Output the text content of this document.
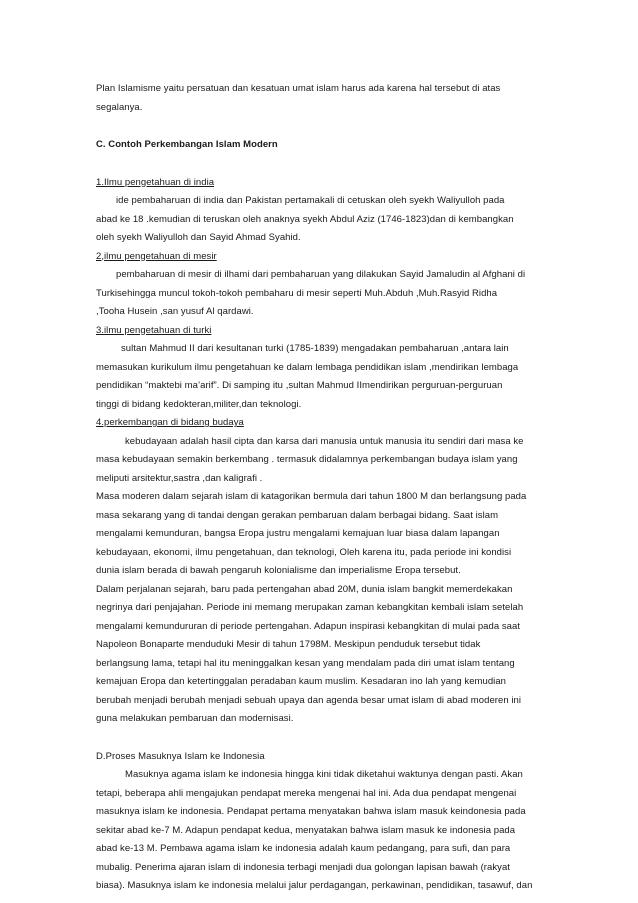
Plan Islamisme yaitu persatuan dan kesatuan umat islam harus ada karena hal tersebut di atas
segalanya.
C. Contoh Perkembangan Islam Modern
1.Ilmu pengetahuan di india
ide pembaharuan di india dan Pakistan pertamakali di cetuskan oleh syekh Waliyulloh pada
abad ke 18 .kemudian di teruskan oleh anaknya syekh Abdul Aziz (1746-1823)dan di kembangkan
oleh syekh Waliyulloh dan Sayid Ahmad Syahid.
2,ilmu pengetahuan di mesir
pembaharuan di mesir di ilhami dari pembaharuan yang dilakukan Sayid Jamaludin al Afghani di
Turkisehingga muncul tokoh-tokoh pembaharu di mesir seperti Muh.Abduh ,Muh.Rasyid Ridha
,Tooha Husein ,san yusuf Al qardawi.
3.ilmu pengetahuan di turki
sultan Mahmud II dari kesultanan turki (1785-1839) mengadakan pembaharuan ,antara lain
memasukan kurikulum ilmu pengetahuan ke dalam lembaga pendidikan islam ,mendirikan lembaga
pendidikan “maktebi ma’arif”. Di samping itu ,sultan Mahmud IImendirikan perguruan-perguruan
tinggi di bidang kedokteran,militer,dan teknologi.
4.perkembangan di bidang budaya
kebudayaan adalah hasil cipta dan karsa dari manusia untuk manusia itu sendiri dari masa ke
masa kebudayaan semakin berkembang . termasuk didalamnya perkembangan budaya islam yang
meliputi arsitektur,sastra ,dan kaligrafi .
Masa moderen dalam sejarah islam di katagorikan bermula dari tahun 1800 M dan berlangsung pada
masa sekarang yang di tandai dengan gerakan pembaruan dalam berbagai bidang. Saat islam
mengalami kemunduran, bangsa Eropa justru mengalami kemajuan luar biasa dalam lapangan
kebudayaan, ekonomi, ilmu pengetahuan, dan teknologi, Oleh karena itu, pada periode ini kondisi
dunia islam berada di bawah pengaruh kolonialisme dan imperialisme Eropa tersebut.
Dalam perjalanan sejarah, baru pada pertengahan abad 20M, dunia islam bangkit memerdekakan
negrinya dari penjajahan. Periode ini memang merupakan zaman kebangkitan kembali islam setelah
mengalami kemundururan di periode pertengahan. Adapun inspirasi kebangkitan di mulai pada saat
Napoleon Bonaparte menduduki Mesir di tahun 1798M. Meskipun penduduk tersebut tidak
berlangsung lama, tetapi hal itu meninggalkan kesan yang mendalam pada diri umat islam tentang
kemajuan Eropa dan ketertinggalan peradaban kaum muslim. Kesadaran ino lah yang kemudian
berubah menjadi berubah menjadi sebuah upaya dan agenda besar umat islam di abad moderen ini
guna melakukan pembaruan dan modernisasi.
D.Proses Masuknya Islam ke Indonesia
Masuknya agama islam ke indonesia hingga kini tidak diketahui waktunya dengan pasti. Akan
tetapi, beberapa ahli mengajukan pendapat mereka mengenai hal ini. Ada dua pendapat mengenai
masuknya islam ke indonesia. Pendapat pertama menyatakan bahwa islam masuk keindonesia pada
sekitar abad ke-7 M. Adapun pendapat kedua, menyatakan bahwa islam masuk ke indonesia pada
abad ke-13 M. Pembawa agama islam ke indonesia adalah kaum pedangang, para sufi, dan para
mubalig. Penerima ajaran islam di indonesia terbagi menjadi dua golongan lapisan bawah (rakyat
biasa). Masuknya islam ke indonesia melalui jalur perdagangan, perkawinan, pendidikan, tasawuf, dan
